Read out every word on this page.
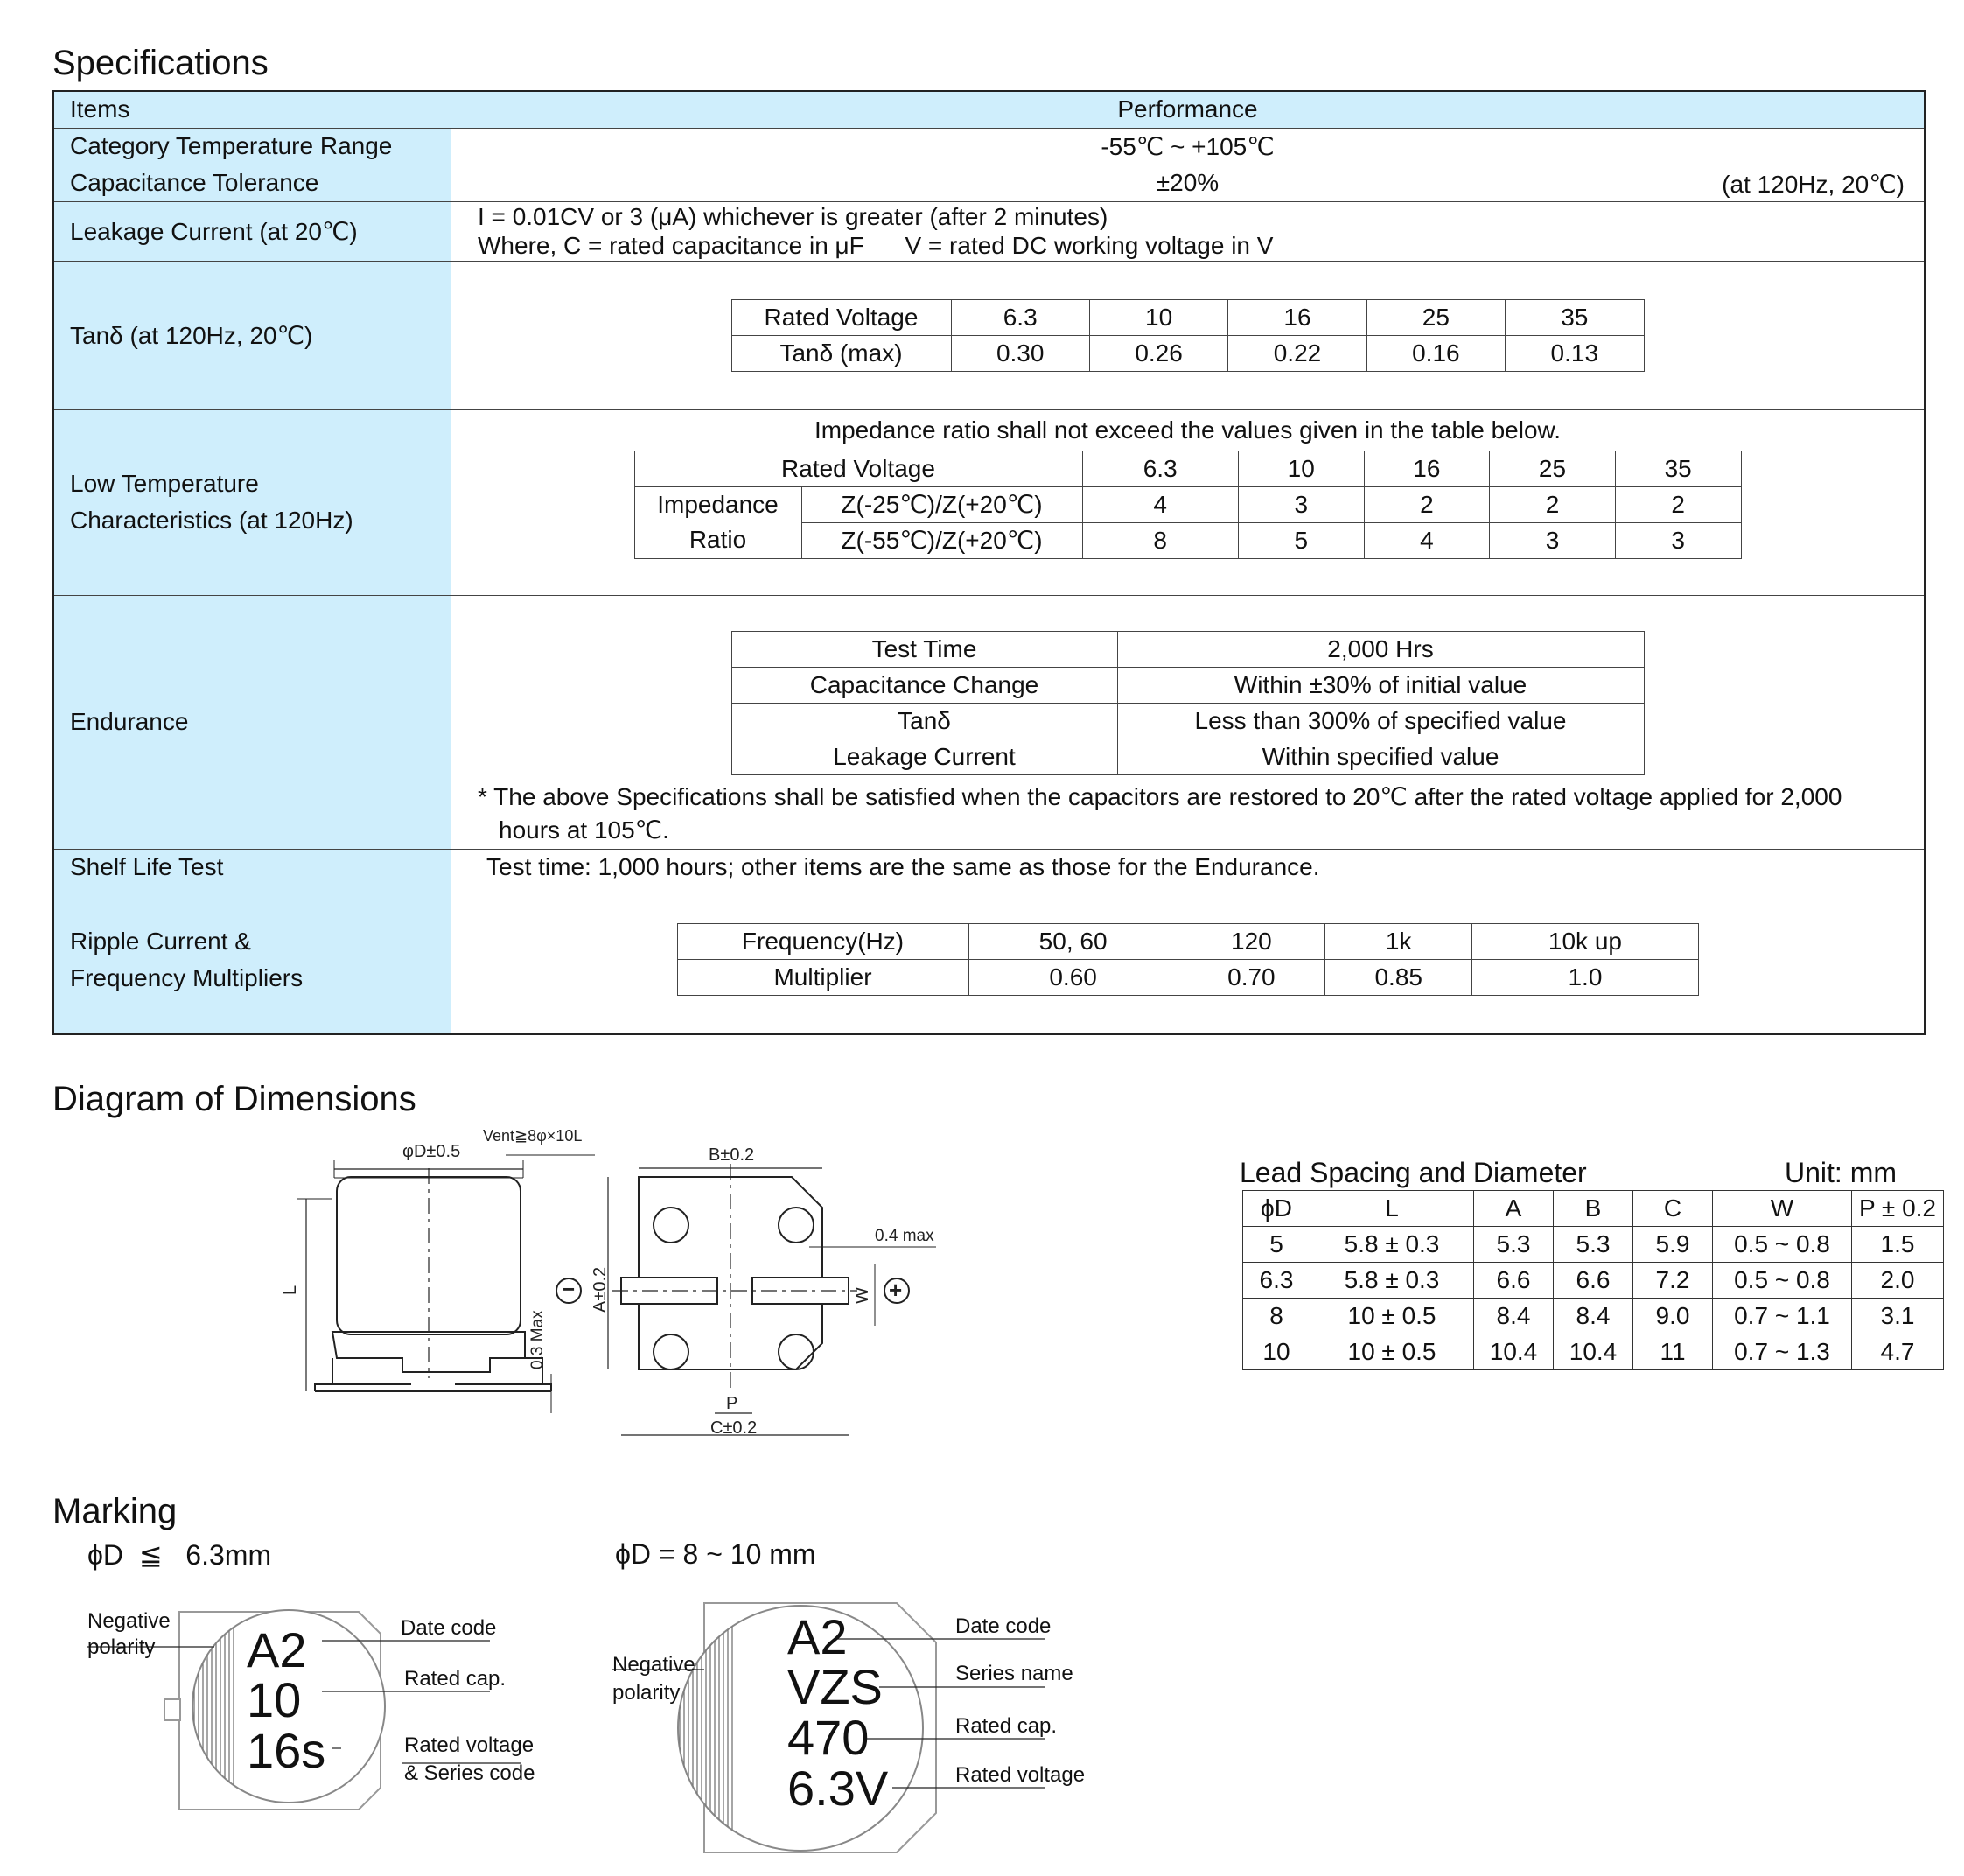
Specifications
Items	Performance
Category Temperature Range	-55℃ ~ +105℃
Capacitance Tolerance	±20%	(at 120Hz, 20℃)

Leakage Current (at 20℃)	
I = 0.01CV or 3 (μA) whichever is greater (after 2 minutes)
Where, C = rated capacitance in μF      V = rated DC working voltage in V

Tanδ (at 120Hz, 20℃)	
Rated Voltage	6.3	10	16	25	35
Tanδ (max)	0.30	0.26	0.22	0.16	0.13

Low Temperature
Characteristics (at 120Hz)

Impedance ratio shall not exceed the values given in the table below.
Rated Voltage	6.3	10	16	25	35
Impedance	Z(-25℃)/Z(+20℃)	4	3	2	2	2
Ratio	Z(-55℃)/Z(+20℃)	8	5	4	3	3

Endurance	
Test Time	2,000 Hrs
Capacitance Change	Within ±30% of initial value
Tanδ	Less than 300% of specified value
Leakage Current	Within specified value
* The above Specifications shall be satisfied when the capacitors are restored to 20℃ after the rated voltage applied for 2,000
hours at 105℃.

Shelf Life Test	Test time: 1,000 hours; other items are the same as those for the Endurance.

Ripple Current &
Frequency Multipliers

Frequency(Hz)	50, 60	120	1k	10k up
Multiplier	0.60	0.70	0.85	1.0
Diagram of Dimensions
φD±0.5
Vent≧8φ×10L
L
0.3 Max
B±0.2
A±0.2
0.4 max
W
P
C±0.2
−	+
Lead Spacing and Diameter	Unit: mm
ϕD	L	A	B	C	W	P ± 0.2
5	5.8 ± 0.3	5.3	5.3	5.9	0.5 ~ 0.8	1.5
6.3	5.8 ± 0.3	6.6	6.6	7.2	0.5 ~ 0.8	2.0
8	10 ± 0.5	8.4	8.4	9.0	0.7 ~ 1.1	3.1
10	10 ± 0.5	10.4	10.4	11	0.7 ~ 1.3	4.7
Marking
ϕD  ≦   6.3mm	ϕD = 8 ~ 10 mm
Negative
polarity A2
10
16s
Date code
Rated cap.
Rated voltage
& Series code
Negative
polarity
A2
VZS
470
6.3V
Date code
Series name
Rated cap.
Rated voltage
